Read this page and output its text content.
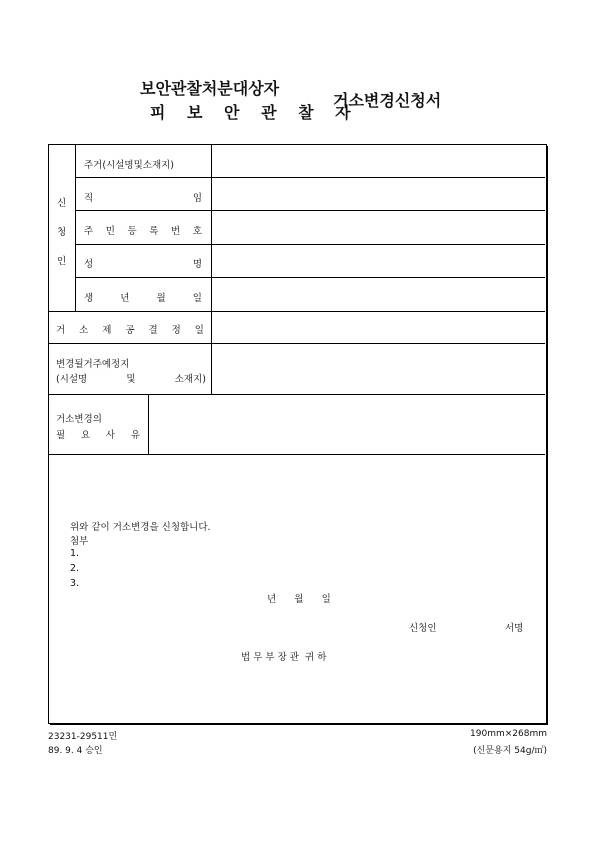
보안관찰처분대상자
피 보 안 관 찰 자
거소변경신청서
신
청
인
주거(시설명및소재지)
직	임
주 민 등 록 번 호
성	명
생	년	월	일
거 소 제 공 결 정 일
변경될거주예정지
(시설명	및	소재지)
거소변경의
필 요 사 유
위와 같이 거소변경을 신청합니다.
첨부
1.
2.
3.
년      월      일
신청인	서명
법 무 부 장 관  귀 하
23231-29511민
89. 9. 4 승인
190mm×268mm
(신문용지 54g/㎡)
